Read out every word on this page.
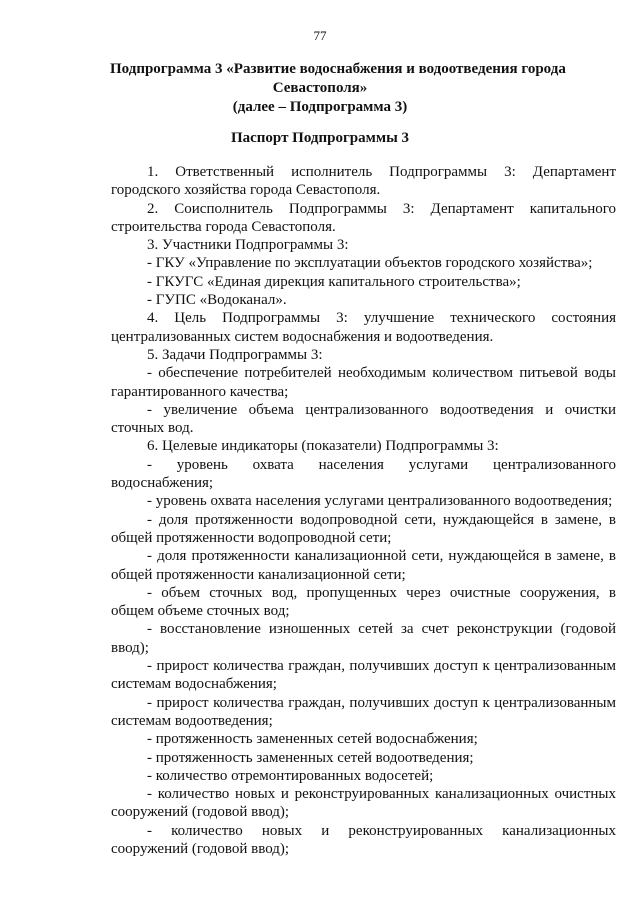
77
Подпрограмма 3 «Развитие водоснабжения и водоотведения города
Севастополя»
(далее – Подпрограмма 3)
Паспорт Подпрограммы 3

1. Ответственный исполнитель Подпрограммы 3: Департамент городского хозяйства города Севастополя.

2. Соисполнитель Подпрограммы 3: Департамент капитального строительства города Севастополя.

3. Участники Подпрограммы 3:

- ГКУ «Управление по эксплуатации объектов городского хозяйства»;

- ГКУГС «Единая дирекция капитального строительства»;

- ГУПС «Водоканал».

4. Цель Подпрограммы 3: улучшение технического состояния централизованных систем водоснабжения и водоотведения.

5. Задачи Подпрограммы 3:

- обеспечение потребителей необходимым количеством питьевой воды гарантированного качества;

- увеличение объема централизованного водоотведения и очистки сточных вод.

6. Целевые индикаторы (показатели) Подпрограммы 3:

- уровень охвата населения услугами централизованного водоснабжения;

- уровень охвата населения услугами централизованного водоотведения;

- доля протяженности водопроводной сети, нуждающейся в замене, в общей протяженности водопроводной сети;

- доля протяженности канализационной сети, нуждающейся в замене, в общей протяженности канализационной сети;

- объем сточных вод, пропущенных через очистные сооружения, в общем объеме сточных вод;

- восстановление изношенных сетей за счет реконструкции (годовой ввод);

- прирост количества граждан, получивших доступ к централизованным системам водоснабжения;

- прирост количества граждан, получивших доступ к централизованным системам водоотведения;

- протяженность замененных сетей водоснабжения;

- протяженность замененных сетей водоотведения;

- количество отремонтированных водосетей;

- количество новых и реконструированных канализационных очистных сооружений (годовой ввод);

- количество новых и реконструированных канализационных сооружений (годовой ввод);
